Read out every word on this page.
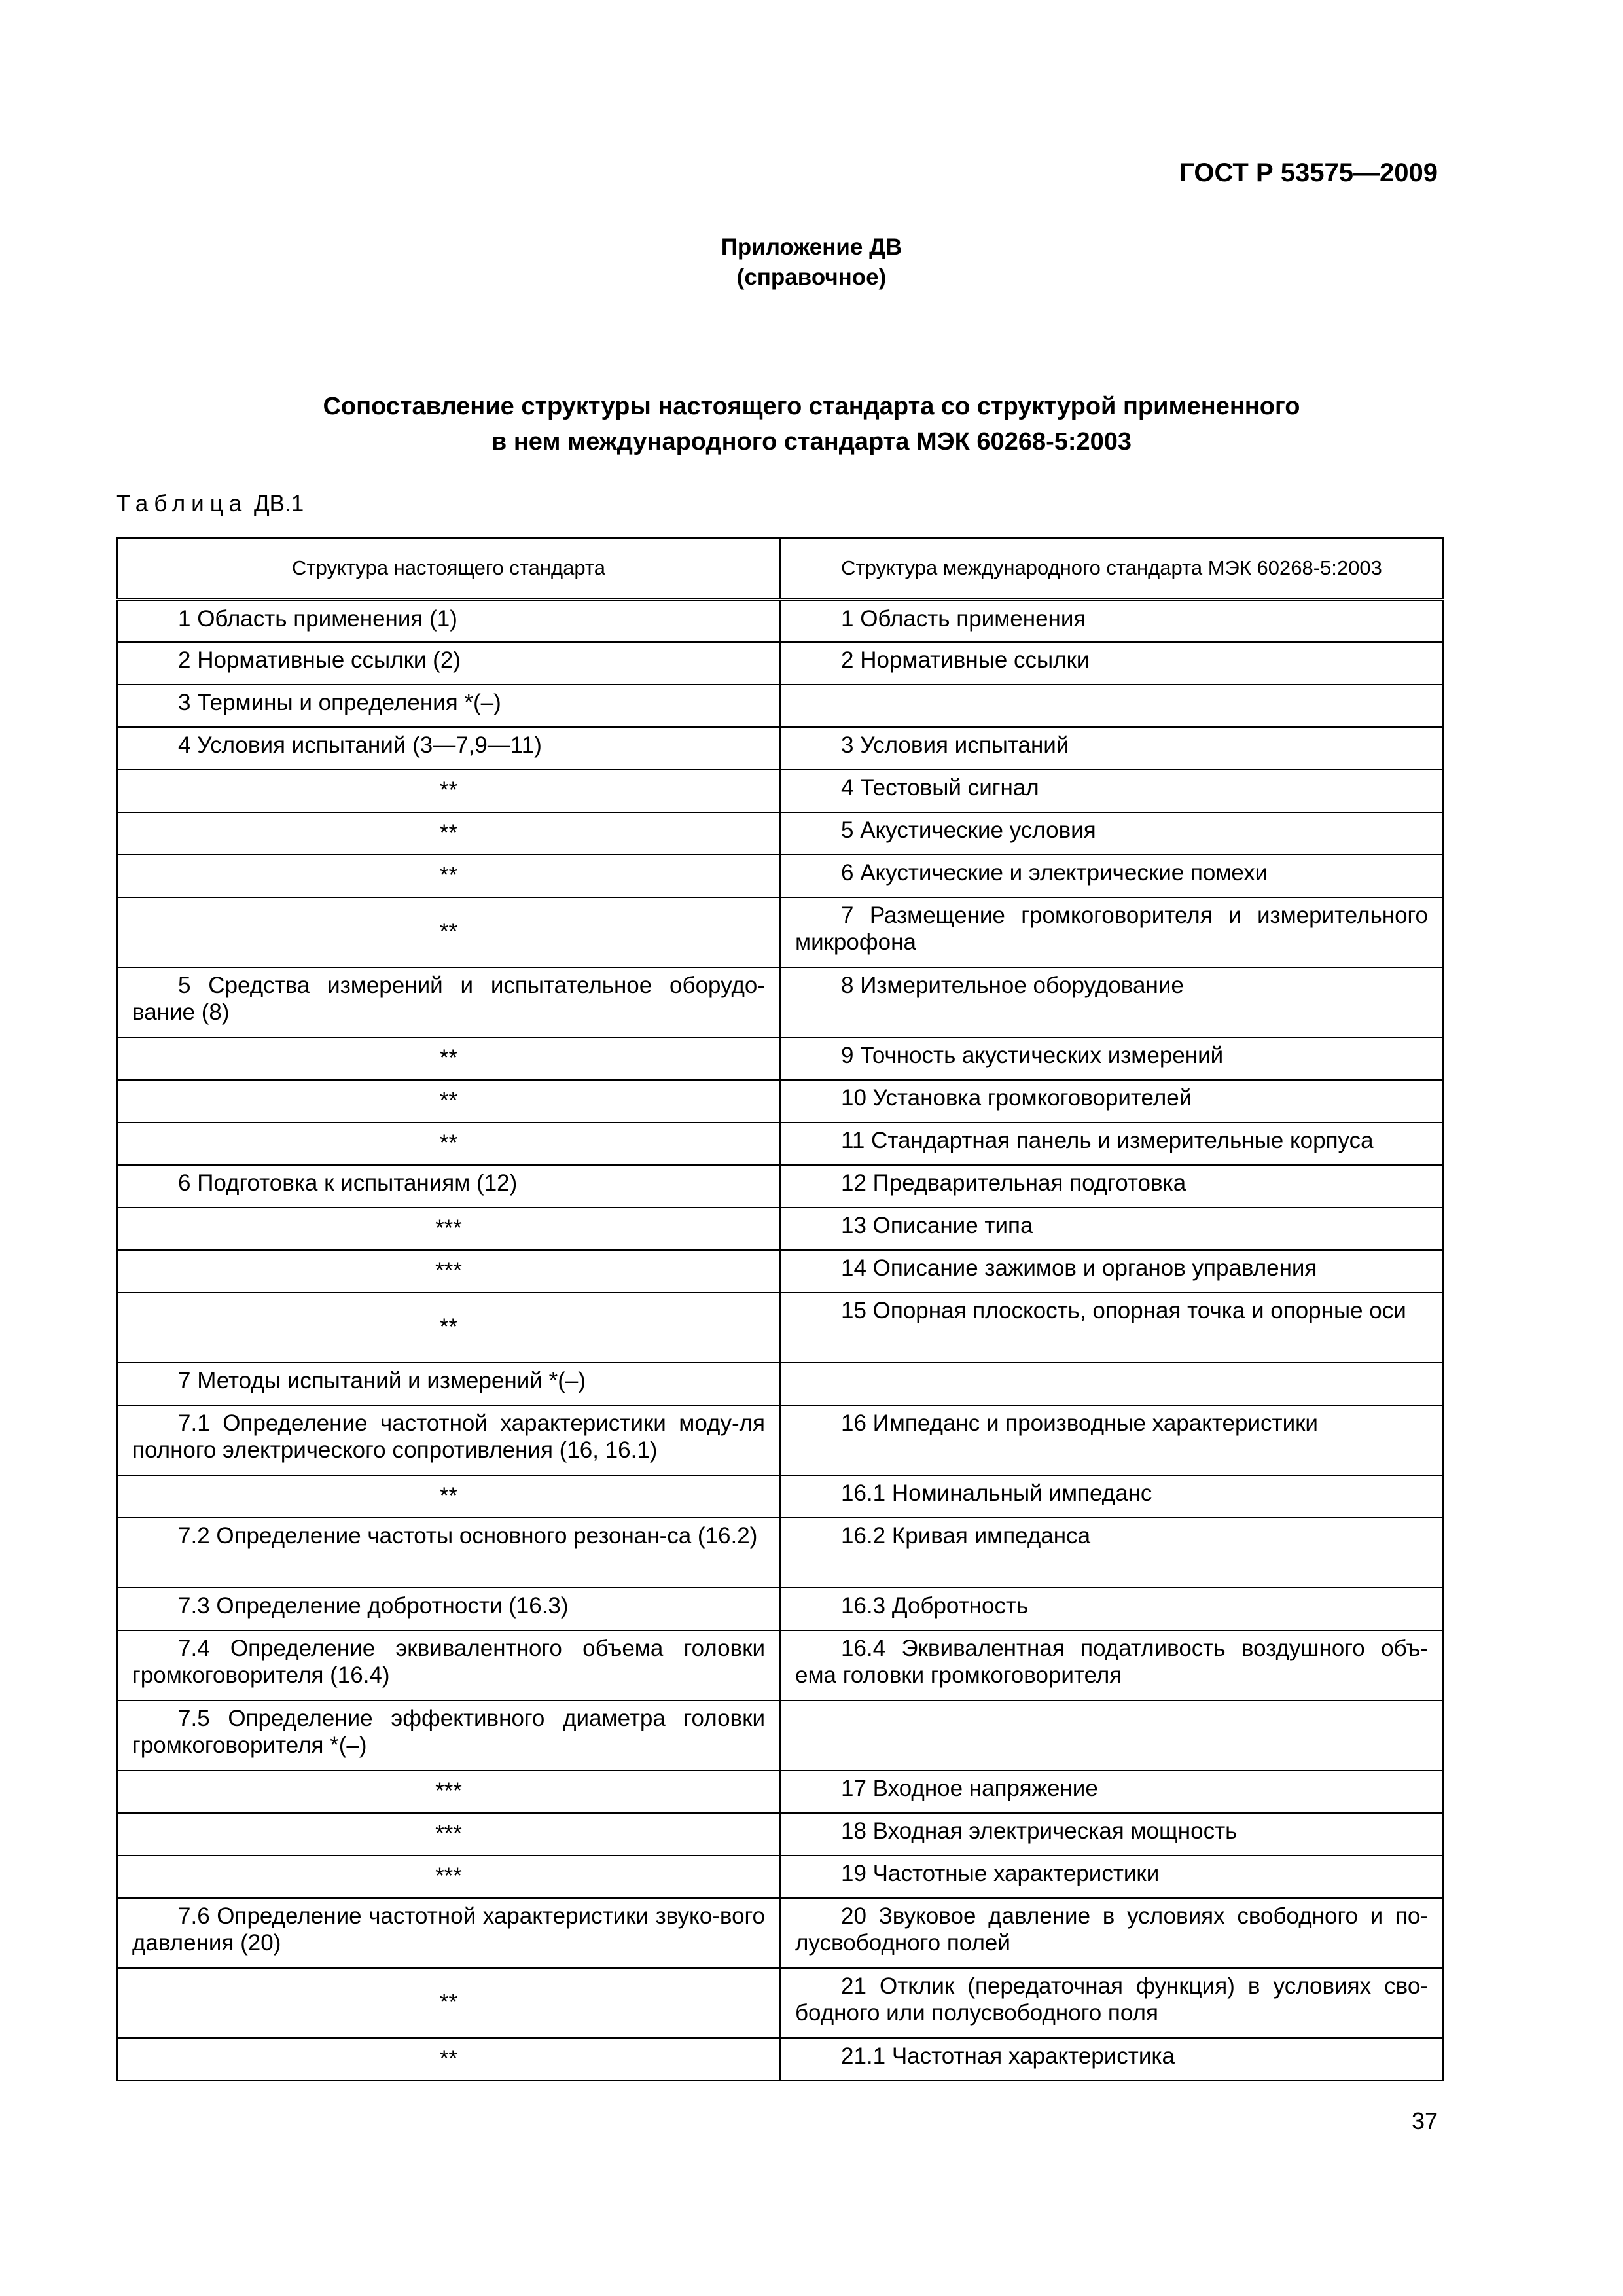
ГОСТ Р 53575—2009
Приложение ДВ
(справочное)
Сопоставление структуры настоящего стандарта со структурой примененного
в нем международного стандарта МЭК 60268-5:2003
Таблица ДВ.1
Структура настоящего стандарта	Структура международного стандарта МЭК 60268-5:2003
1 Область применения (1)	1 Область применения
2 Нормативные ссылки (2)	2 Нормативные ссылки
3 Термины и определения *(–)	
4 Условия испытаний (3—7,9—11)	3 Условия испытаний
**	4 Тестовый сигнал
**	5 Акустические условия
**	6 Акустические и электрические помехи
**	7 Размещение громкоговорителя и измерительного микрофона
5 Средства измерений и испытательное оборудо-вание (8)	8 Измерительное оборудование
**	9 Точность акустических измерений
**	10 Установка громкоговорителей
**	11 Стандартная панель и измерительные корпуса
6 Подготовка к испытаниям (12)	12 Предварительная подготовка
***	13 Описание типа
***	14 Описание зажимов и органов управления
**	15 Опорная плоскость, опорная точка и опорные оси
7 Методы испытаний и измерений *(–)	
7.1 Определение частотной характеристики моду-ля полного электрического сопротивления (16, 16.1)	16 Импеданс и производные характеристики
**	16.1 Номинальный импеданс
7.2 Определение частоты основного резонан-са (16.2)	16.2 Кривая импеданса
7.3 Определение добротности (16.3)	16.3 Добротность
7.4 Определение эквивалентного объема головки громкоговорителя (16.4)	16.4 Эквивалентная податливость воздушного объ-ема головки громкоговорителя
7.5 Определение эффективного диаметра головки громкоговорителя *(–)	
***	17 Входное напряжение
***	18 Входная электрическая мощность
***	19 Частотные характеристики
7.6 Определение частотной характеристики звуко-вого давления (20)	20 Звуковое давление в условиях свободного и по-лусвободного полей
**	21 Отклик (передаточная функция) в условиях сво-бодного или полусвободного поля
**	21.1 Частотная характеристика
37
